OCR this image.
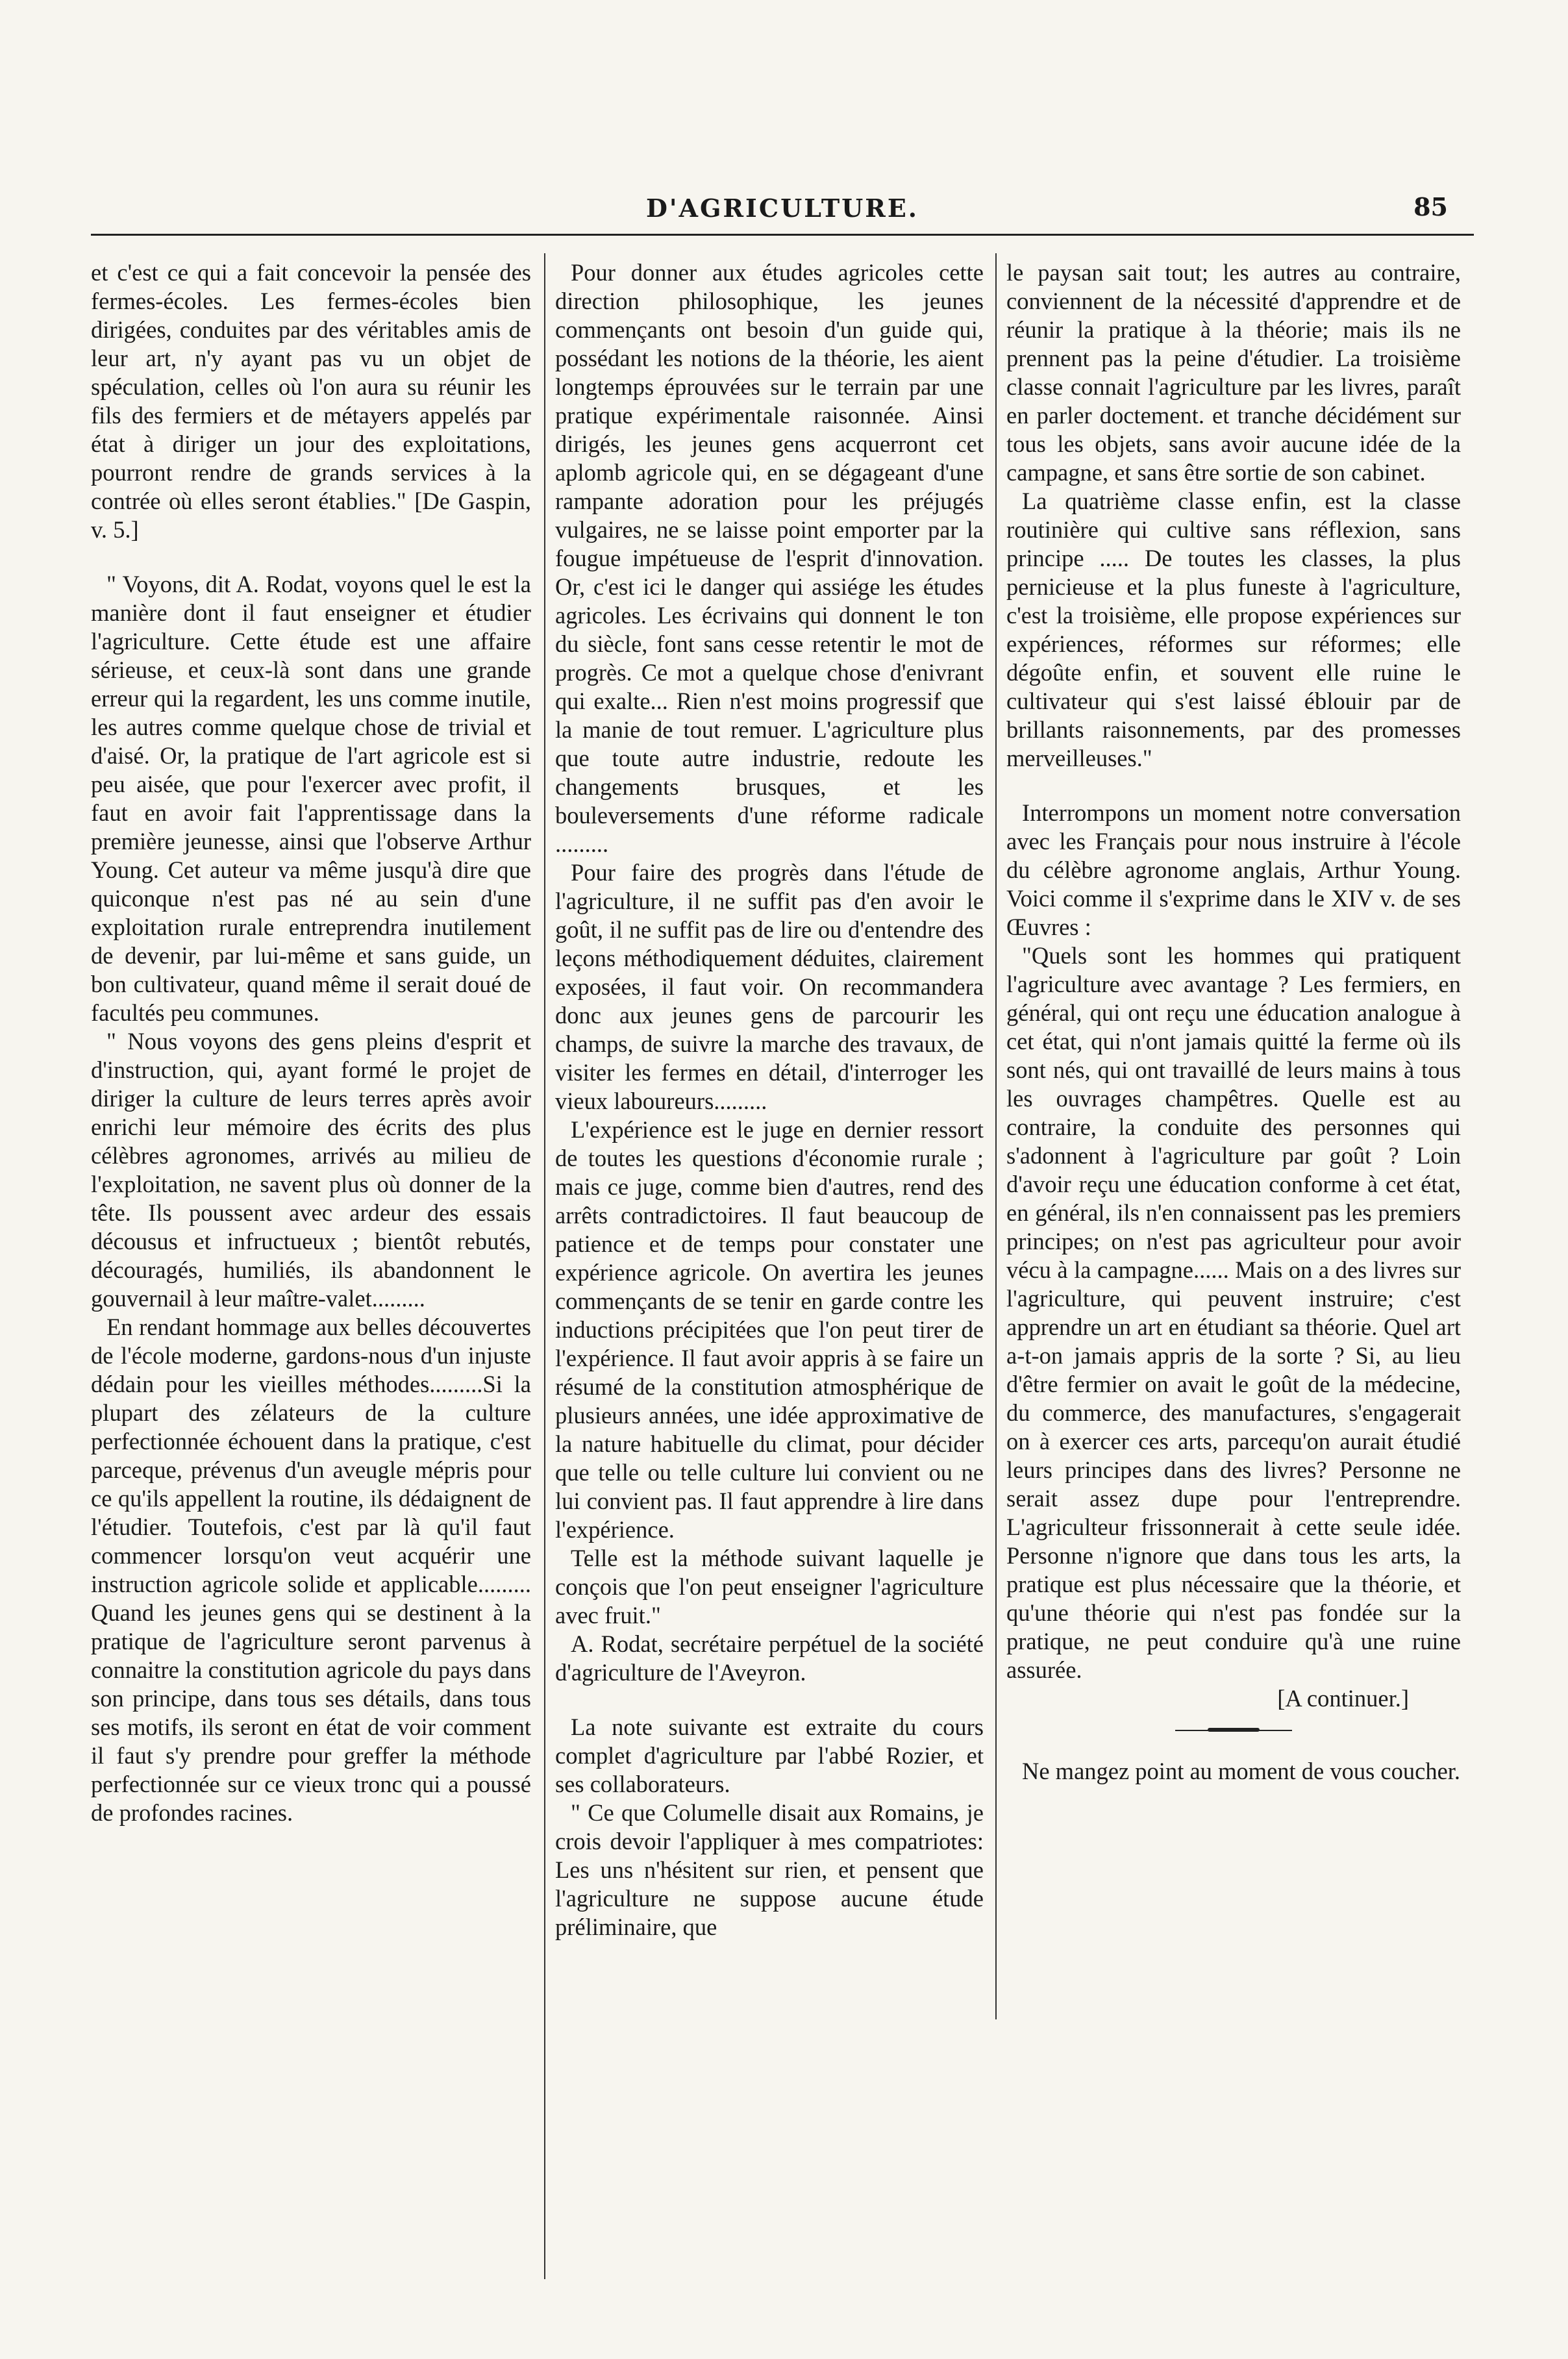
D'AGRICULTURE.	85

et c'est ce qui a fait concevoir la pensée des fermes-écoles. Les fermes-écoles bien dirigées, conduites par des véritables amis de leur art, n'y ayant pas vu un objet de spéculation, celles où l'on aura su réunir les fils des fermiers et de métayers appelés par état à diriger un jour des exploitations, pourront rendre de grands services à la contrée où elles seront établies." [De Gaspin, v. 5.]

" Voyons, dit A. Rodat, voyons quel le est la manière dont il faut enseigner et étudier l'agriculture. Cette étude est une affaire sérieuse, et ceux-là sont dans une grande erreur qui la regardent, les uns comme inutile, les autres comme quelque chose de trivial et d'aisé. Or, la pratique de l'art agricole est si peu aisée, que pour l'exercer avec profit, il faut en avoir fait l'apprentissage dans la première jeunesse, ainsi que l'observe Arthur Young. Cet auteur va même jusqu'à dire que quiconque n'est pas né au sein d'une exploitation rurale entreprendra inutilement de devenir, par lui-même et sans guide, un bon cultivateur, quand même il serait doué de facultés peu communes.

" Nous voyons des gens pleins d'esprit et d'instruction, qui, ayant formé le projet de diriger la culture de leurs terres après avoir enrichi leur mémoire des écrits des plus célèbres agronomes, arrivés au milieu de l'exploitation, ne savent plus où donner de la tête. Ils poussent avec ardeur des essais décousus et infructueux ; bientôt rebutés, découragés, humiliés, ils abandonnent le gouvernail à leur maître-valet.........

En rendant hommage aux belles découvertes de l'école moderne, gardons-nous d'un injuste dédain pour les vieilles méthodes.........Si la plupart des zélateurs de la culture perfectionnée échouent dans la pratique, c'est parceque, prévenus d'un aveugle mépris pour ce qu'ils appellent la routine, ils dédaignent de l'étudier. Toutefois, c'est par là qu'il faut commencer lorsqu'on veut acquérir une instruction agricole solide et applicable......... Quand les jeunes gens qui se destinent à la pratique de l'agriculture seront parvenus à connaitre la constitution agricole du pays dans son principe, dans tous ses détails, dans tous ses motifs, ils seront en état de voir comment il faut s'y prendre pour greffer la méthode perfectionnée sur ce vieux tronc qui a poussé de profondes racines.

Pour donner aux études agricoles cette direction philosophique, les jeunes commençants ont besoin d'un guide qui, possédant les notions de la théorie, les aient longtemps éprouvées sur le terrain par une pratique expérimentale raisonnée. Ainsi dirigés, les jeunes gens acquerront cet aplomb agricole qui, en se dégageant d'une rampante adoration pour les préjugés vulgaires, ne se laisse point emporter par la fougue impétueuse de l'esprit d'innovation. Or, c'est ici le danger qui assiége les études agricoles. Les écrivains qui donnent le ton du siècle, font sans cesse retentir le mot de progrès. Ce mot a quelque chose d'enivrant qui exalte... Rien n'est moins progressif que la manie de tout remuer. L'agriculture plus que toute autre industrie, redoute les changements brusques, et les bouleversements d'une réforme radicale .........

Pour faire des progrès dans l'étude de l'agriculture, il ne suffit pas d'en avoir le goût, il ne suffit pas de lire ou d'entendre des leçons méthodiquement déduites, clairement exposées, il faut voir. On recommandera donc aux jeunes gens de parcourir les champs, de suivre la marche des travaux, de visiter les fermes en détail, d'interroger les vieux laboureurs.........

L'expérience est le juge en dernier ressort de toutes les questions d'économie rurale ; mais ce juge, comme bien d'autres, rend des arrêts contradictoires. Il faut beaucoup de patience et de temps pour constater une expérience agricole. On avertira les jeunes commençants de se tenir en garde contre les inductions précipitées que l'on peut tirer de l'expérience. Il faut avoir appris à se faire un résumé de la constitution atmosphérique de plusieurs années, une idée approximative de la nature habituelle du climat, pour décider que telle ou telle culture lui convient ou ne lui convient pas. Il faut apprendre à lire dans l'expérience.

Telle est la méthode suivant laquelle je conçois que l'on peut enseigner l'agriculture avec fruit."

A. Rodat, secrétaire perpétuel de la société d'agriculture de l'Aveyron.

La note suivante est extraite du cours complet d'agriculture par l'abbé Rozier, et ses collaborateurs.

" Ce que Columelle disait aux Romains, je crois devoir l'appliquer à mes compatriotes: Les uns n'hésitent sur rien, et pensent que l'agriculture ne suppose aucune étude préliminaire, que

le paysan sait tout; les autres au contraire, conviennent de la nécessité d'apprendre et de réunir la pratique à la théorie; mais ils ne prennent pas la peine d'étudier. La troisième classe connait l'agriculture par les livres, paraît en parler doctement. et tranche décidément sur tous les objets, sans avoir aucune idée de la campagne, et sans être sortie de son cabinet.

La quatrième classe enfin, est la classe routinière qui cultive sans réflexion, sans principe ..... De toutes les classes, la plus pernicieuse et la plus funeste à l'agriculture, c'est la troisième, elle propose expériences sur expériences, réformes sur réformes; elle dégoûte enfin, et souvent elle ruine le cultivateur qui s'est laissé éblouir par de brillants raisonnements, par des promesses merveilleuses."

Interrompons un moment notre conversation avec les Français pour nous instruire à l'école du célèbre agronome anglais, Arthur Young. Voici comme il s'exprime dans le XIV v. de ses Œuvres :

"Quels sont les hommes qui pratiquent l'agriculture avec avantage ? Les fermiers, en général, qui ont reçu une éducation analogue à cet état, qui n'ont jamais quitté la ferme où ils sont nés, qui ont travaillé de leurs mains à tous les ouvrages champêtres. Quelle est au contraire, la conduite des personnes qui s'adonnent à l'agriculture par goût ? Loin d'avoir reçu une éducation conforme à cet état, en général, ils n'en connaissent pas les premiers principes; on n'est pas agriculteur pour avoir vécu à la campagne...... Mais on a des livres sur l'agriculture, qui peuvent instruire; c'est apprendre un art en étudiant sa théorie. Quel art a-t-on jamais appris de la sorte ? Si, au lieu d'être fermier on avait le goût de la médecine, du commerce, des manufactures, s'engagerait on à exercer ces arts, parcequ'on aurait étudié leurs principes dans des livres? Personne ne serait assez dupe pour l'entreprendre. L'agriculteur frissonnerait à cette seule idée. Personne n'ignore que dans tous les arts, la pratique est plus nécessaire que la théorie, et qu'une théorie qui n'est pas fondée sur la pratique, ne peut conduire qu'à une ruine assurée.

[A continuer.]

Ne mangez point au moment de vous coucher.
